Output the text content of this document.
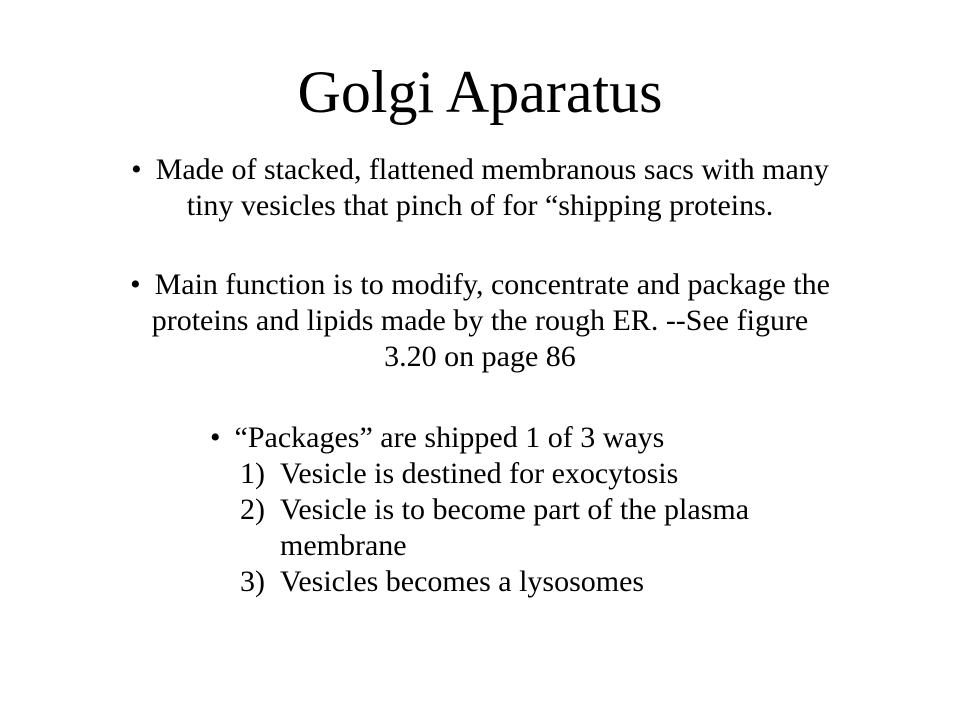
Golgi Aparatus
• Made of stacked, flattened membranous sacs with many
tiny vesicles that pinch of for “shipping proteins.
• Main function is to modify, concentrate and package the
proteins and lipids made by the rough ER. --See figure
3.20 on page 86
• “Packages” are shipped 1 of 3 ways
1) Vesicle is destined for exocytosis
2) Vesicle is to become part of the plasma
membrane
3) Vesicles becomes a lysosomes
